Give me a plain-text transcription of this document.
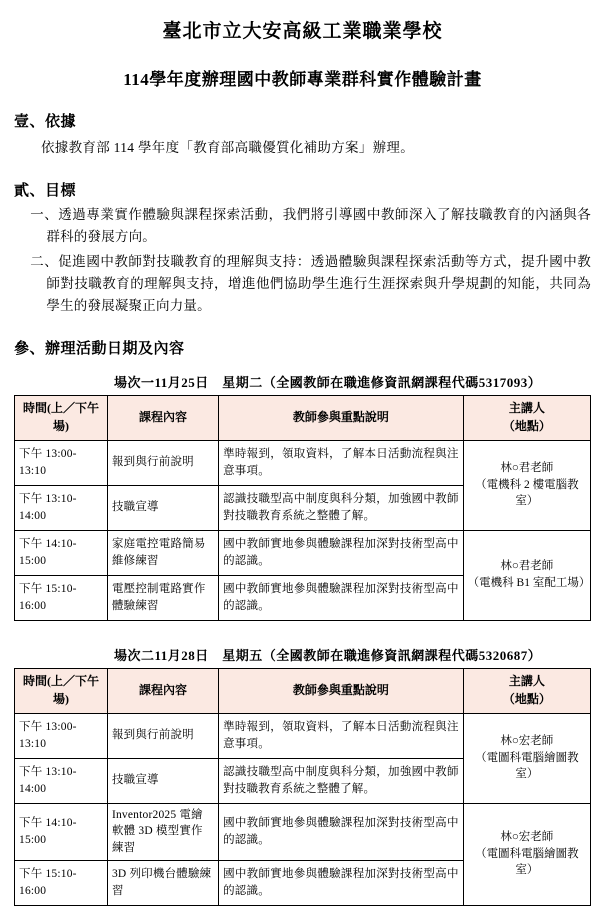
臺北市立大安高級工業職業學校
114學年度辦理國中教師專業群科實作體驗計畫
壹、依據

依據教育部 114 學年度「教育部高職優質化補助方案」辦理。

貳、目標

一、透過專業實作體驗與課程探索活動，我們將引導國中教師深入了解技職教育的內涵與各群科的發展方向。

二、促進國中教師對技職教育的理解與支持：透過體驗與課程探索活動等方式，提升國中教師對技職教育的理解與支持，增進他們協助學生進行生涯探索與升學規劃的知能，共同為學生的發展凝聚正向力量。

參、辦理活動日期及內容
場次一11月25日　星期二（全國教師在職進修資訊網課程代碼5317093）
時間(上／下午場)	課程內容	教師參與重點說明	主講人
（地點）

下午 13:00-13:10	報到與行前說明	準時報到，領取資料，了解本日活動流程與注意事項。	林○君老師
（電機科 2 樓電腦教室）

下午 13:10-14:00	技職宣導	認識技職型高中制度與科分類，加強國中教師對技職教育系統之整體了解。	
下午 14:10-15:00	家庭電控電路簡易維修練習	國中教師實地參與體驗課程加深對技術型高中的認識。	林○君老師
（電機科 B1 室配工場）

下午 15:10-16:00	電壓控制電路實作體驗練習	國中教師實地參與體驗課程加深對技術型高中的認識。	
場次二11月28日　星期五（全國教師在職進修資訊網課程代碼5320687）
時間(上／下午場)	課程內容	教師參與重點說明	主講人
（地點）

下午 13:00-13:10	報到與行前說明	準時報到，領取資料，了解本日活動流程與注意事項。	林○宏老師
（電圖科電腦繪圖教室）

下午 13:10-14:00	技職宣導	認識技職型高中制度與科分類，加強國中教師對技職教育系統之整體了解。	
下午 14:10-15:00	Inventor2025 電繪軟體 3D 模型實作練習	國中教師實地參與體驗課程加深對技術型高中的認識。	林○宏老師
（電圖科電腦繪圖教室）

下午 15:10-16:00	3D 列印機台體驗練習	國中教師實地參與體驗課程加深對技術型高中的認識。	
